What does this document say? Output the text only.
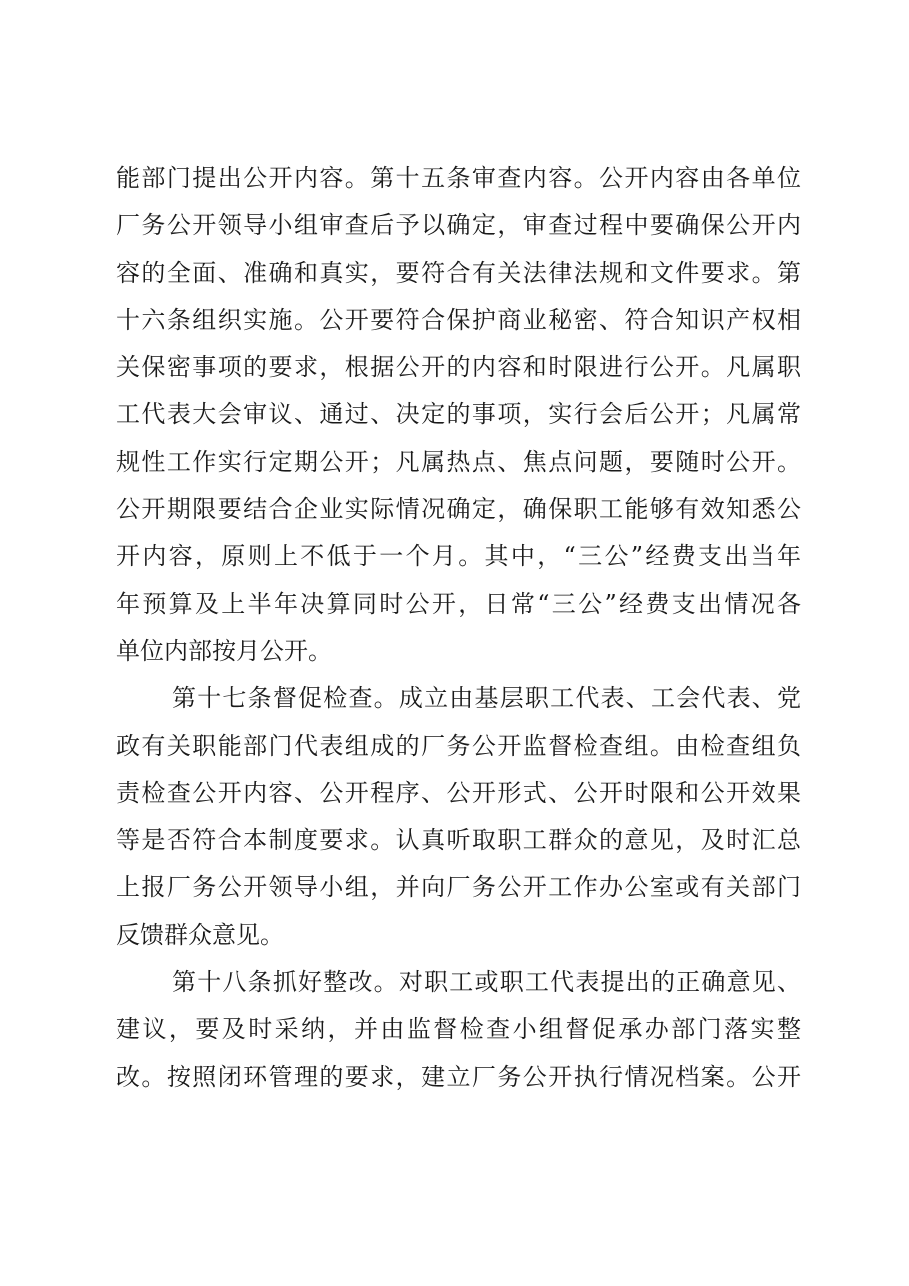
能部门提出公开内容。第十五条审查内容。公开内容由各单位
厂务公开领导小组审查后予以确定，审查过程中要确保公开内
容的全面、准确和真实，要符合有关法律法规和文件要求。第
十六条组织实施。公开要符合保护商业秘密、符合知识产权相
关保密事项的要求，根据公开的内容和时限进行公开。凡属职
工代表大会审议、通过、决定的事项，实行会后公开；凡属常
规性工作实行定期公开；凡属热点、焦点问题，要随时公开。
公开期限要结合企业实际情况确定，确保职工能够有效知悉公
开内容，原则上不低于一个月。其中，“三公”经费支出当年
年预算及上半年决算同时公开，日常“三公”经费支出情况各
单位内部按月公开。
第十七条督促检查。成立由基层职工代表、工会代表、党
政有关职能部门代表组成的厂务公开监督检查组。由检查组负
责检查公开内容、公开程序、公开形式、公开时限和公开效果
等是否符合本制度要求。认真听取职工群众的意见，及时汇总
上报厂务公开领导小组，并向厂务公开工作办公室或有关部门
反馈群众意见。
第十八条抓好整改。对职工或职工代表提出的正确意见、
建议，要及时采纳，并由监督检查小组督促承办部门落实整
改。按照闭环管理的要求，建立厂务公开执行情况档案。公开
